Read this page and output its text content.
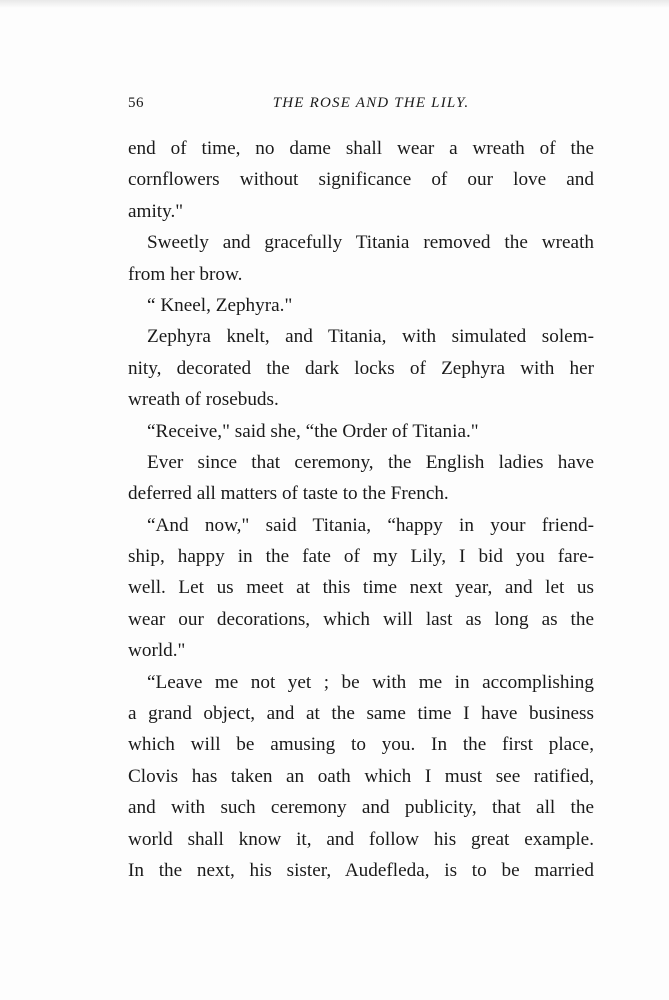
56	THE ROSE AND THE LILY.
end of time, no dame shall wear a wreath of the
cornflowers without significance of our love and
amity."
Sweetly and gracefully Titania removed the wreath
from her brow.
“ Kneel, Zephyra."
Zephyra knelt, and Titania, with simulated solem-
nity, decorated the dark locks of Zephyra with her
wreath of rosebuds.
“Receive," said she, “the Order of Titania."
Ever since that ceremony, the English ladies have
deferred all matters of taste to the French.
“And now," said Titania, “happy in your friend-
ship, happy in the fate of my Lily, I bid you fare-
well. Let us meet at this time next year, and let us
wear our decorations, which will last as long as the
world."
“Leave me not yet ; be with me in accomplishing
a grand object, and at the same time I have business
which will be amusing to you. In the first place,
Clovis has taken an oath which I must see ratified,
and with such ceremony and publicity, that all the
world shall know it, and follow his great example.
In the next, his sister, Audefleda, is to be married
